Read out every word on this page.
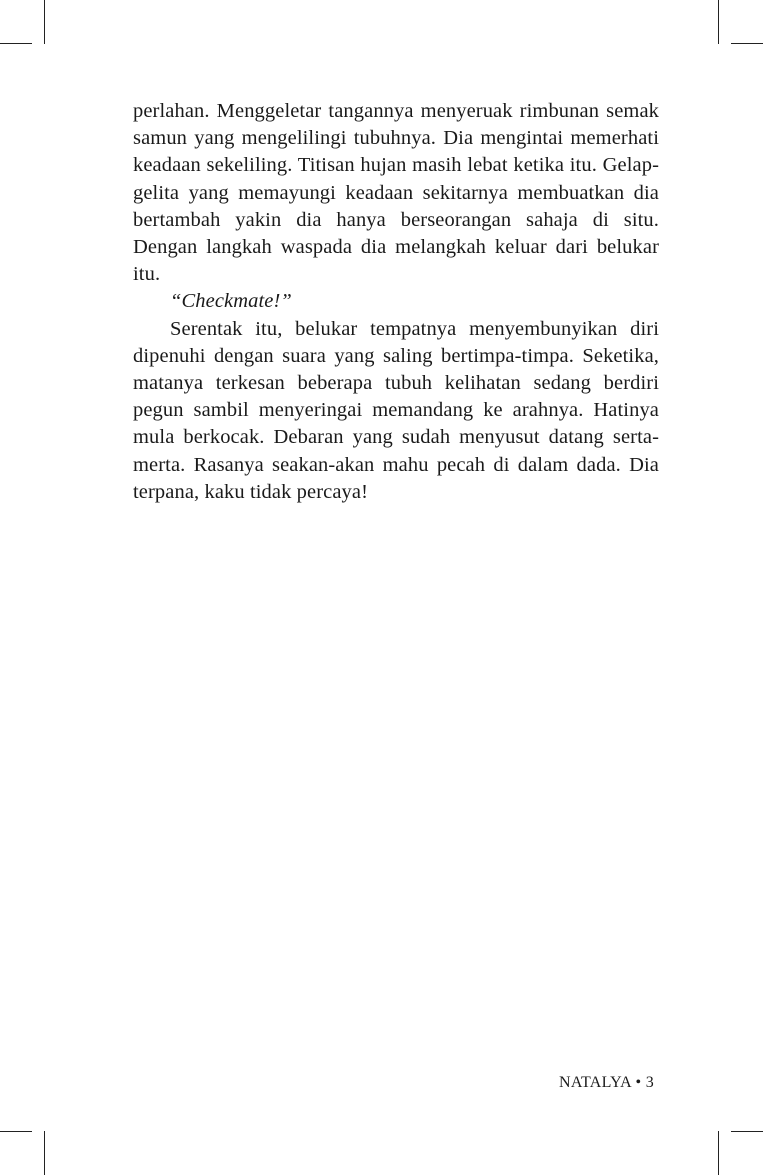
perlahan. Menggeletar tangannya menyeruak rimbunan semak samun yang mengelilingi tubuhnya. Dia mengintai memerhati keadaan sekeliling. Titisan hujan masih lebat ketika itu. Gelap-gelita yang memayungi keadaan sekitarnya membuatkan dia bertambah yakin dia hanya berseorangan sahaja di situ. Dengan langkah waspada dia melangkah keluar dari belukar itu.

“Checkmate!”

Serentak itu, belukar tempatnya menyembunyikan diri dipenuhi dengan suara yang saling bertimpa-timpa. Seketika, matanya terkesan beberapa tubuh kelihatan sedang berdiri pegun sambil menyeringai memandang ke arahnya. Hatinya mula berkocak. Debaran yang sudah menyusut datang serta-merta. Rasanya seakan-akan mahu pecah di dalam dada. Dia terpana, kaku tidak percaya!

NATALYA • 3
